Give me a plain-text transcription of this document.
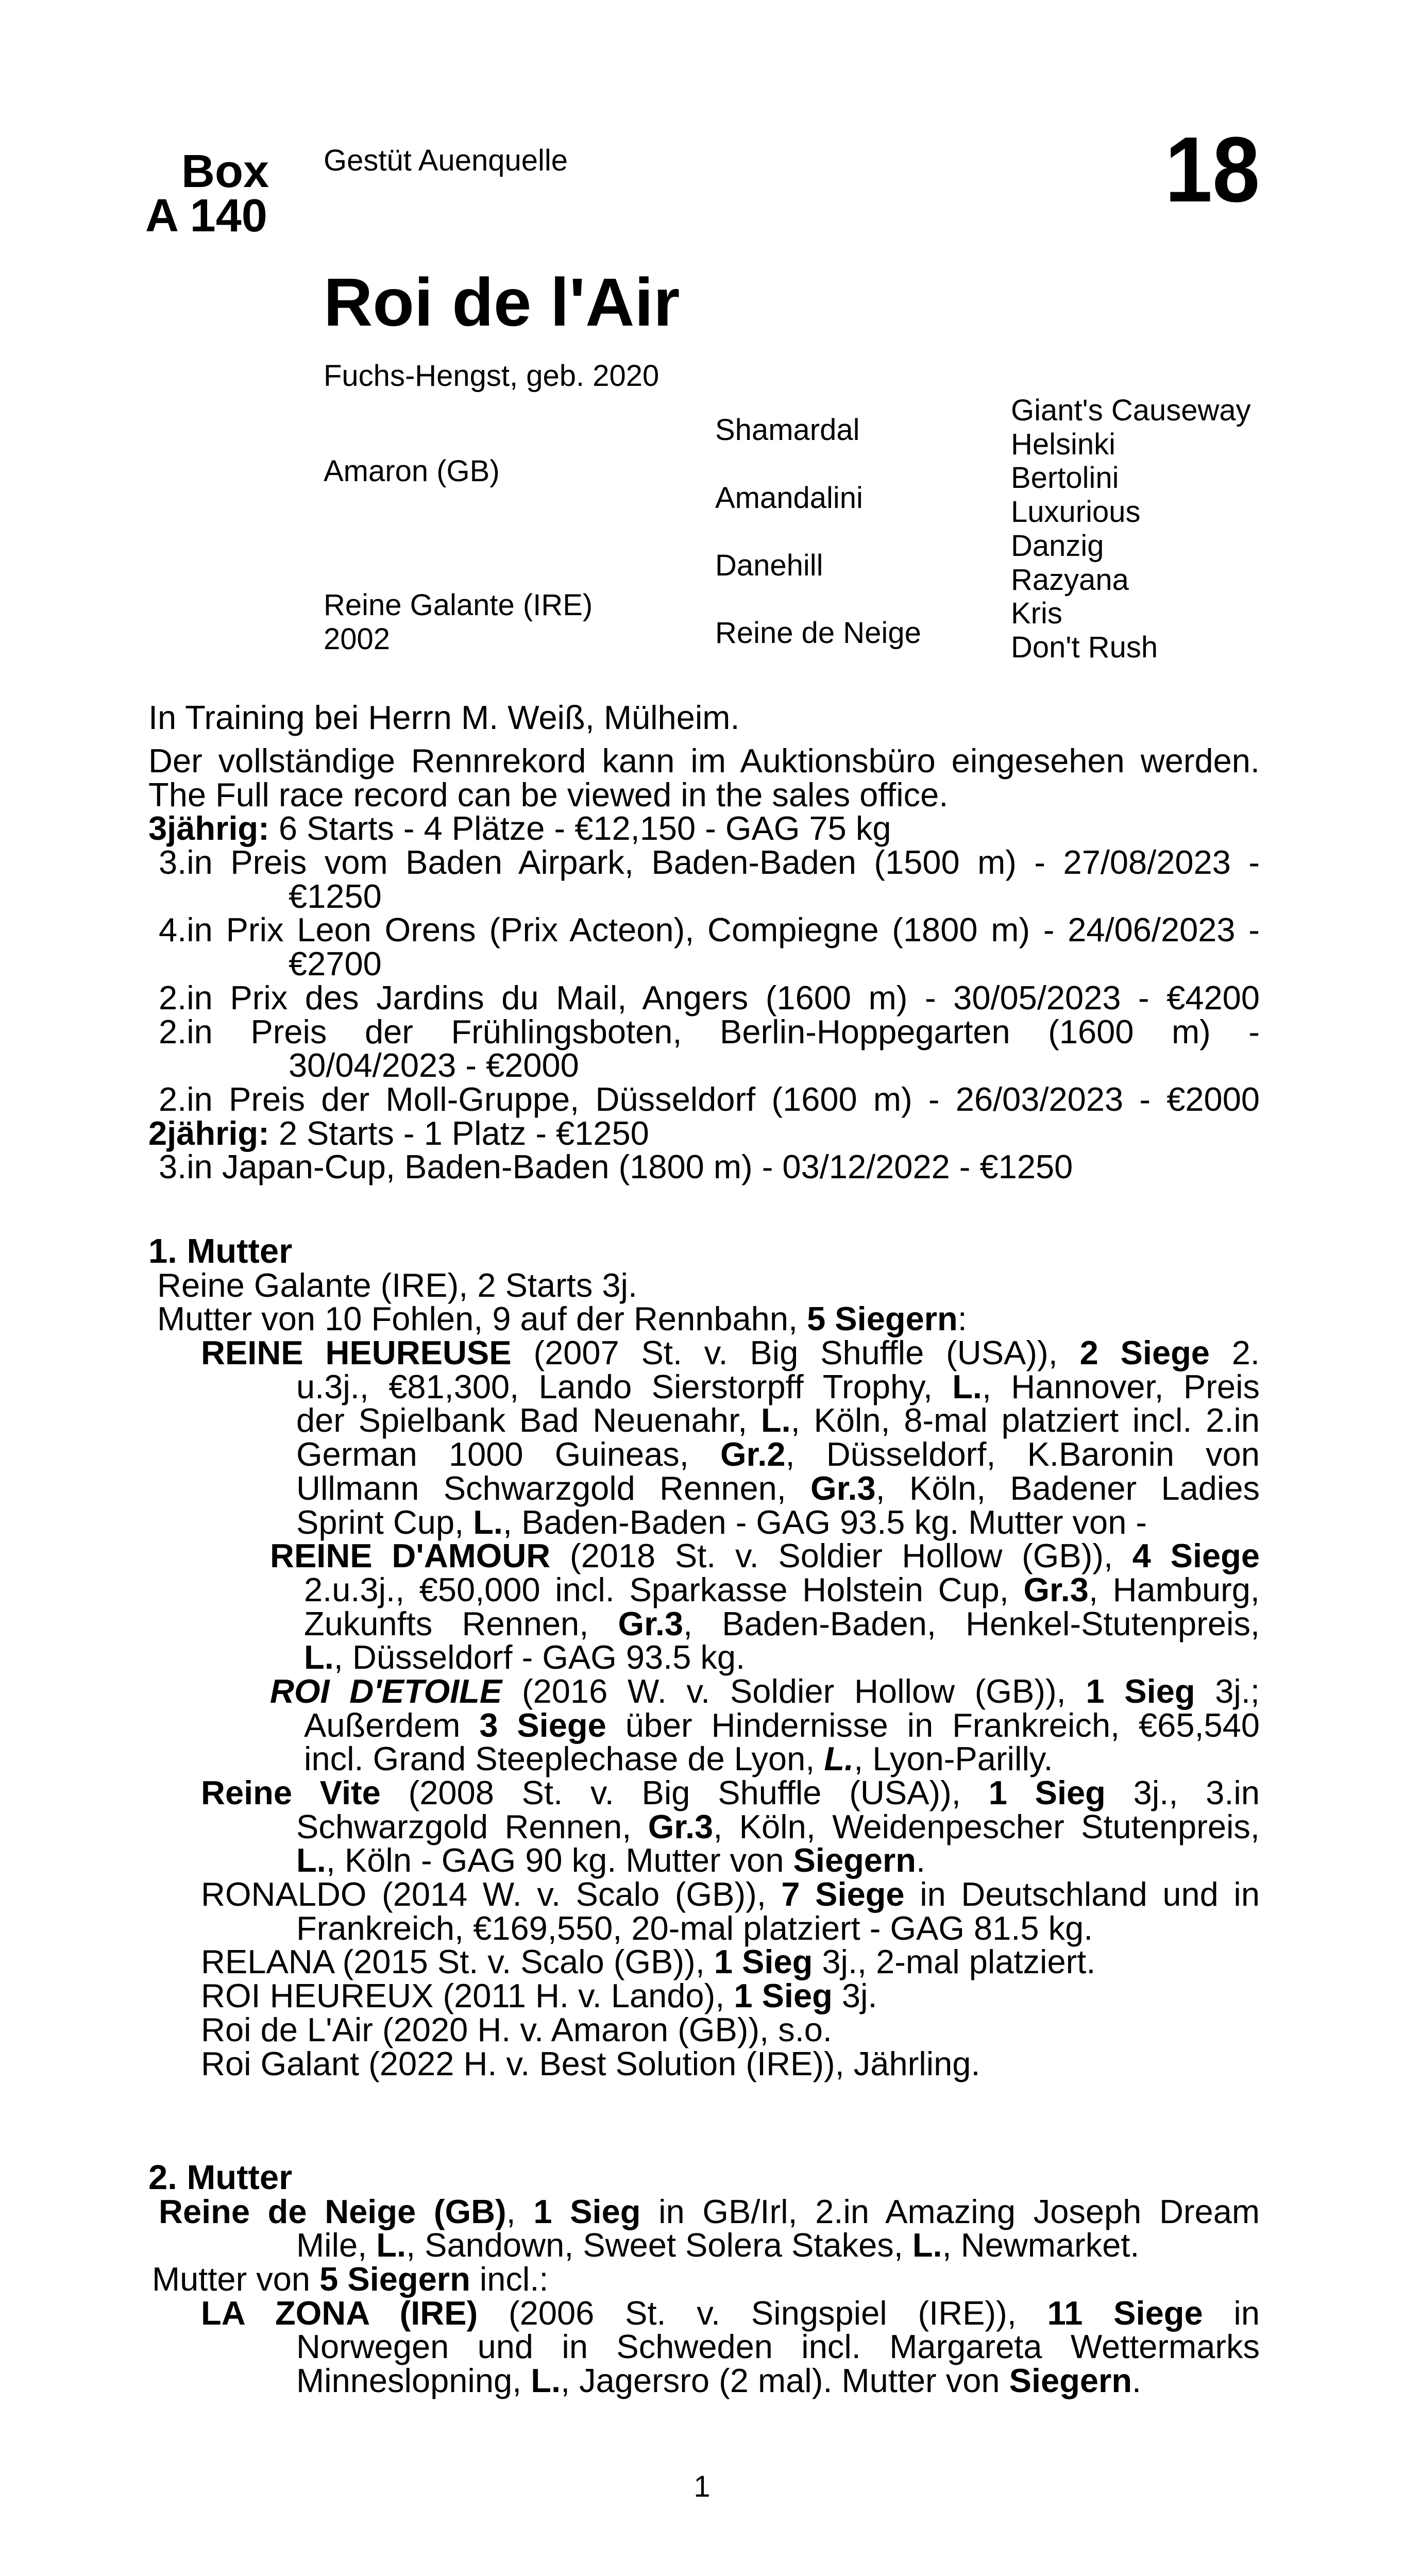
Box
A 140
Gestüt Auenquelle	18
Roi de l'Air
Fuchs-Hengst, geb. 2020
Amaron (GB)
Reine Galante (IRE)
2002
Shamardal
Amandalini
Danehill
Reine de Neige
Giant's Causeway
Helsinki
Bertolini
Luxurious
Danzig
Razyana
Kris
Don't Rush
In Training bei Herrn M. Weiß, Mülheim.
Der vollständige Rennrekord kann im Auktionsbüro eingesehen werden.
The Full race record can be viewed in the sales office.
3jährig: 6 Starts - 4 Plätze - €12,150 - GAG 75 kg
3.in Preis vom Baden Airpark, Baden-Baden (1500 m) - 27/08/2023 -
€1250
4.in Prix Leon Orens (Prix Acteon), Compiegne (1800 m) - 24/06/2023 -
€2700
2.in Prix des Jardins du Mail, Angers (1600 m) - 30/05/2023 - €4200
2.in Preis der Frühlingsboten, Berlin-Hoppegarten (1600 m) -
30/04/2023 - €2000
2.in Preis der Moll-Gruppe, Düsseldorf (1600 m) - 26/03/2023 - €2000
2jährig: 2 Starts - 1 Platz - €1250
3.in Japan-Cup, Baden-Baden (1800 m) - 03/12/2022 - €1250
1. Mutter
Reine Galante (IRE), 2 Starts 3j.
Mutter von 10 Fohlen, 9 auf der Rennbahn, 5 Siegern:
REINE HEUREUSE (2007 St. v. Big Shuffle (USA)), 2 Siege 2.
u.3j., €81,300, Lando Sierstorpff Trophy, L., Hannover, Preis
der Spielbank Bad Neuenahr, L., Köln, 8-mal platziert incl. 2.in
German 1000 Guineas, Gr.2, Düsseldorf, K.Baronin von
Ullmann Schwarzgold Rennen, Gr.3, Köln, Badener Ladies
Sprint Cup, L., Baden-Baden - GAG 93.5 kg. Mutter von -
REINE D'AMOUR (2018 St. v. Soldier Hollow (GB)), 4 Siege
2.u.3j., €50,000 incl. Sparkasse Holstein Cup, Gr.3, Hamburg,
Zukunfts Rennen, Gr.3, Baden-Baden, Henkel-Stutenpreis,
L., Düsseldorf - GAG 93.5 kg.
ROI D'ETOILE (2016 W. v. Soldier Hollow (GB)), 1 Sieg 3j.;
Außerdem 3 Siege über Hindernisse in Frankreich, €65,540
incl. Grand Steeplechase de Lyon, L., Lyon-Parilly.
Reine Vite (2008 St. v. Big Shuffle (USA)), 1 Sieg 3j., 3.in
Schwarzgold Rennen, Gr.3, Köln, Weidenpescher Stutenpreis,
L., Köln - GAG 90 kg. Mutter von Siegern.
RONALDO (2014 W. v. Scalo (GB)), 7 Siege in Deutschland und in
Frankreich, €169,550, 20-mal platziert - GAG 81.5 kg.
RELANA (2015 St. v. Scalo (GB)), 1 Sieg 3j., 2-mal platziert.
ROI HEUREUX (2011 H. v. Lando), 1 Sieg 3j.
Roi de L'Air (2020 H. v. Amaron (GB)), s.o.
Roi Galant (2022 H. v. Best Solution (IRE)), Jährling.
2. Mutter
Reine de Neige (GB), 1 Sieg in GB/Irl, 2.in Amazing Joseph Dream
Mile, L., Sandown, Sweet Solera Stakes, L., Newmarket.
Mutter von 5 Siegern incl.:
LA ZONA (IRE) (2006 St. v. Singspiel (IRE)), 11 Siege in
Norwegen und in Schweden incl. Margareta Wettermarks
Minneslopning, L., Jagersro (2 mal). Mutter von Siegern.
1
